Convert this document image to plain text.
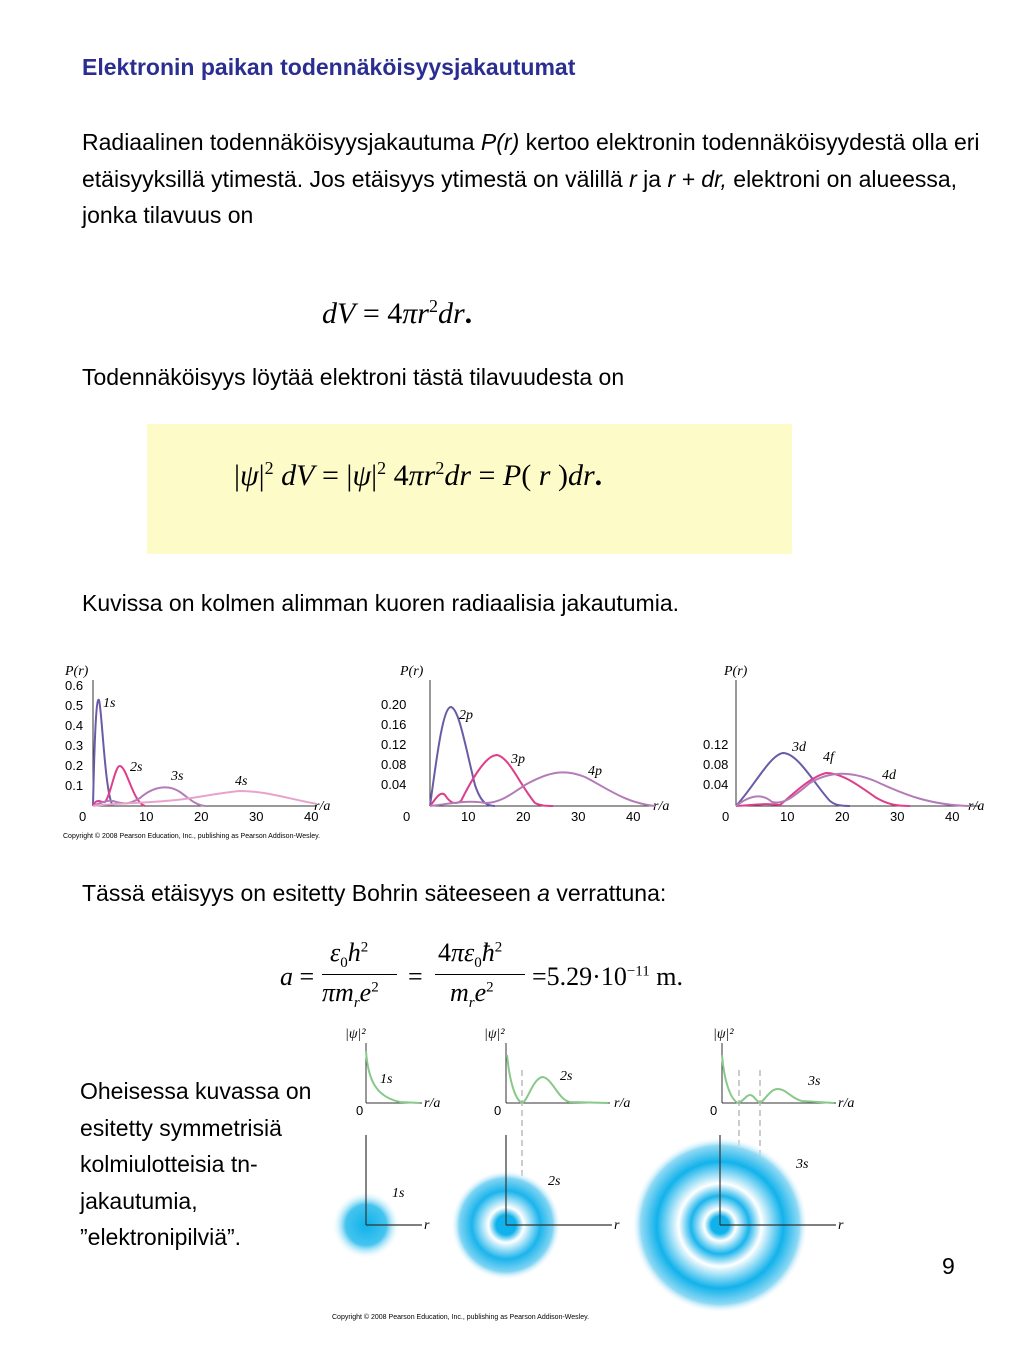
Elektronin paikan todennäköisyysjakautumat
Radiaalinen todennäköisyysjakautuma P(r) kertoo elektronin todennäköisyydestä olla eri etäisyyksillä ytimestä. Jos etäisyys ytimestä on välillä r ja r + dr, elektroni on alueessa, jonka tilavuus on
dV = $4\pi r^2dr$.
Todennäköisyys löytää elektroni tästä tilavuudesta on
$|\psi|^2$ dV = $|\psi|^2$ $4\pi r^2dr = P$( r )dr.
Kuvissa on kolmen alimman kuoren radiaalisia jakautumia.
P(r)
0.1
0.2
0.3
0.4
0.5
0.6
0	10	20	30	40
r/a
1s
2s
3s	4s
P(r)
0.04
0.08
0.12
0.16
0.20
0	10	20	30	40
r/a
2p
3p
4p
P(r)
0.04
0.08
0.12
0	10	20	30	40
r/a
3d
4f
4d
Copyright © 2008 Pearson Education, Inc., publishing as Pearson Addison-Wesley.
Tässä etäisyys on esitetty Bohrin säteeseen a verrattuna:
a =
$\varepsilon_0h^2$
$\pi m_re^2$ =
$4\pi\varepsilon_0ħ^2$
$m_re^2 =5.29\cdot 10^{-11}$ m.
Oheisessa kuvassa on esitetty symmetrisiä kolmiulotteisia tn-jakautumia, ”elektronipilviä”.
|ψ|²
0	r/a
1s
|ψ|²
0	r/a
2s
|ψ|²
0	r/a
3s
1s
r
2s
r
3s
r
Copyright © 2008 Pearson Education, Inc., publishing as Pearson Addison-Wesley.
9
